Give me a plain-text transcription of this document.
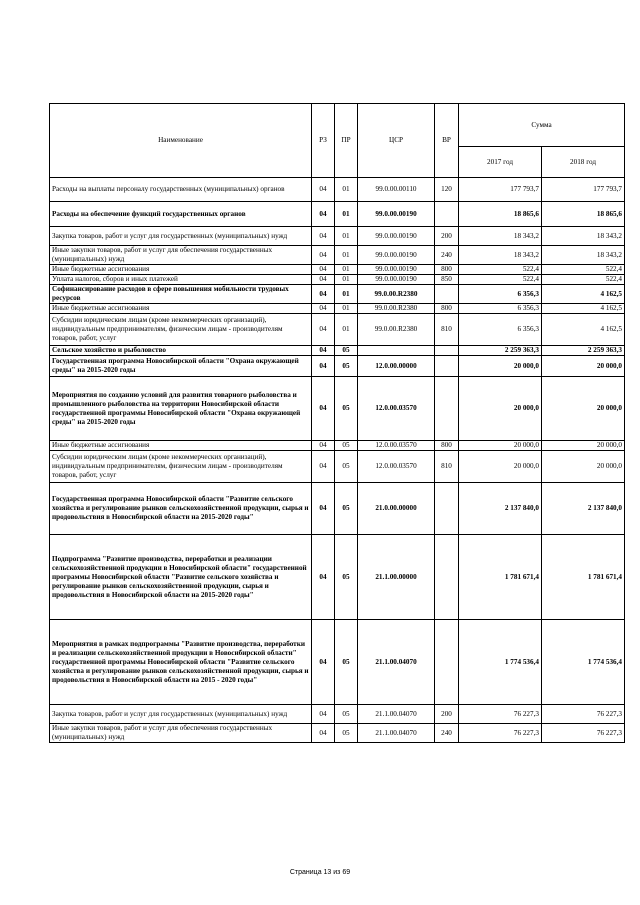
Наименование	РЗ	ПР	ЦСР	ВР	Сумма	
					2017 год	2018 год
Расходы на выплаты персоналу государственных (муниципальных) органов	04	01	99.0.00.00110	120	177 793,7	177 793,7
Расходы на обеспечение функций государственных органов	04	01	99.0.00.00190		18 865,6	18 865,6
Закупка товаров, работ и услуг для государственных (муниципальных) нужд	04	01	99.0.00.00190	200	18 343,2	18 343,2
Иные закупки товаров, работ и услуг для обеспечения государственных (муниципальных) нужд	04	01	99.0.00.00190	240	18 343,2	18 343,2
Иные бюджетные ассигнования	04	01	99.0.00.00190	800	522,4	522,4
Уплата налогов, сборов и иных платежей	04	01	99.0.00.00190	850	522,4	522,4
Софинансирование расходов в сфере повышения мобильности трудовых ресурсов	04	01	99.0.00.R2380		6 356,3	4 162,5
Иные бюджетные ассигнования	04	01	99.0.00.R2380	800	6 356,3	4 162,5
Субсидии юридическим лицам (кроме некоммерческих организаций), индивидуальным предпринимателям, физическим лицам - производителям товаров, работ, услуг	04	01	99.0.00.R2380	810	6 356,3	4 162,5
Сельское хозяйство и рыболовство	04	05			2 259 363,3	2 259 363,3
Государственная программа Новосибирской области "Охрана окружающей среды" на 2015-2020 годы	04	05	12.0.00.00000		20 000,0	20 000,0
Мероприятия по созданию условий для развития товарного рыболовства и промышленного рыболовства на территории Новосибирской области государственной программы Новосибирской области "Охрана окружающей среды" на 2015-2020 годы	04	05	12.0.00.03570		20 000,0	20 000,0
Иные бюджетные ассигнования	04	05	12.0.00.03570	800	20 000,0	20 000,0
Субсидии юридическим лицам (кроме некоммерческих организаций), индивидуальным предпринимателям, физическим лицам - производителям товаров, работ, услуг	04	05	12.0.00.03570	810	20 000,0	20 000,0
Государственная программа Новосибирской области "Развитие сельского хозяйства и регулирование рынков сельскохозяйственной продукции, сырья и продовольствия в Новосибирской области на 2015-2020 годы"	04	05	21.0.00.00000		2 137 840,0	2 137 840,0
Подпрограмма "Развитие производства, переработки и реализации сельскохозяйственной продукции в Новосибирской области" государственной программы Новосибирской области "Развитие сельского хозяйства и регулирование рынков сельскохозяйственной продукции, сырья и продовольствия в Новосибирской области на 2015-2020 годы"	04	05	21.1.00.00000		1 781 671,4	1 781 671,4
Мероприятия в рамках подпрограммы "Развитие производства, переработки и реализации сельскохозяйственной продукции в Новосибирской области" государственной программы Новосибирской области "Развитие сельского хозяйства и регулирование рынков сельскохозяйственной продукции, сырья и продовольствия в Новосибирской области на 2015 - 2020 годы"	04	05	21.1.00.04070		1 774 536,4	1 774 536,4
Закупка товаров, работ и услуг для государственных (муниципальных) нужд	04	05	21.1.00.04070	200	76 227,3	76 227,3
Иные закупки товаров, работ и услуг для обеспечения государственных (муниципальных) нужд	04	05	21.1.00.04070	240	76 227,3	76 227,3
Страница 13 из 69
